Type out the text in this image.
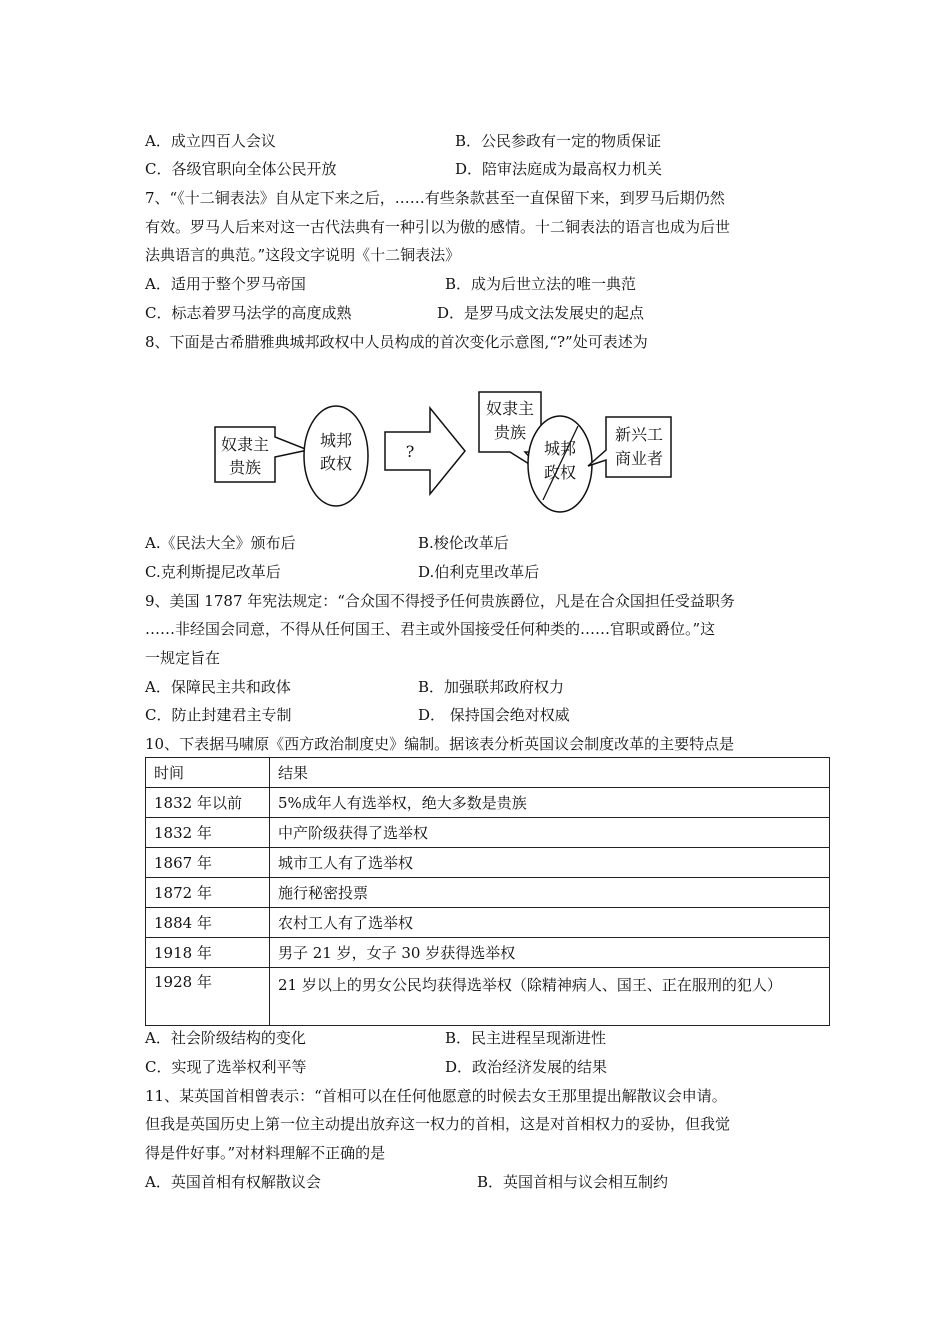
A．成立四百人会议	B．公民参政有一定的物质保证
C．各级官职向全体公民开放	D．陪审法庭成为最高权力机关
7、“《十二铜表法》自从定下来之后，……有些条款甚至一直保留下来，到罗马后期仍然
有效。罗马人后来对这一古代法典有一种引以为傲的感情。十二铜表法的语言也成为后世
法典语言的典范。”这段文字说明《十二铜表法》
A．适用于整个罗马帝国	B．成为后世立法的唯一典范
C．标志着罗马法学的高度成熟	D．是罗马成文法发展史的起点
8、下面是古希腊雅典城邦政权中人员构成的首次变化示意图,“?”处可表述为
奴隶主
贵族
城邦
政权
?
奴隶主
贵族
城邦
政权
新兴工
商业者
A.《民法大全》颁布后	B.梭伦改革后
C.克利斯提尼改革后	D.伯利克里改革后
9、美国 1787 年宪法规定：“合众国不得授予任何贵族爵位，凡是在合众国担任受益职务
……非经国会同意，不得从任何国王、君主或外国接受任何种类的……官职或爵位。”这
一规定旨在
A．保障民主共和政体	B．加强联邦政府权力
C．防止封建君主专制	D． 保持国会绝对权威
10、下表据马啸原《西方政治制度史》编制。据该表分析英国议会制度改革的主要特点是
时间	结果
1832 年以前	5%成年人有选举权，绝大多数是贵族
1832 年	中产阶级获得了选举权
1867 年	城市工人有了选举权
1872 年	施行秘密投票
1884 年	农村工人有了选举权
1918 年	男子 21 岁，女子 30 岁获得选举权
1928 年	21 岁以上的男女公民均获得选举权（除精神病人、国王、正在服刑的犯人）
A．社会阶级结构的变化	B．民主进程呈现渐进性
C．实现了选举权利平等	D．政治经济发展的结果
11、某英国首相曾表示：“首相可以在任何他愿意的时候去女王那里提出解散议会申请。
但我是英国历史上第一位主动提出放弃这一权力的首相，这是对首相权力的妥协，但我觉
得是件好事。”对材料理解不正确的是
A．英国首相有权解散议会	B．英国首相与议会相互制约
